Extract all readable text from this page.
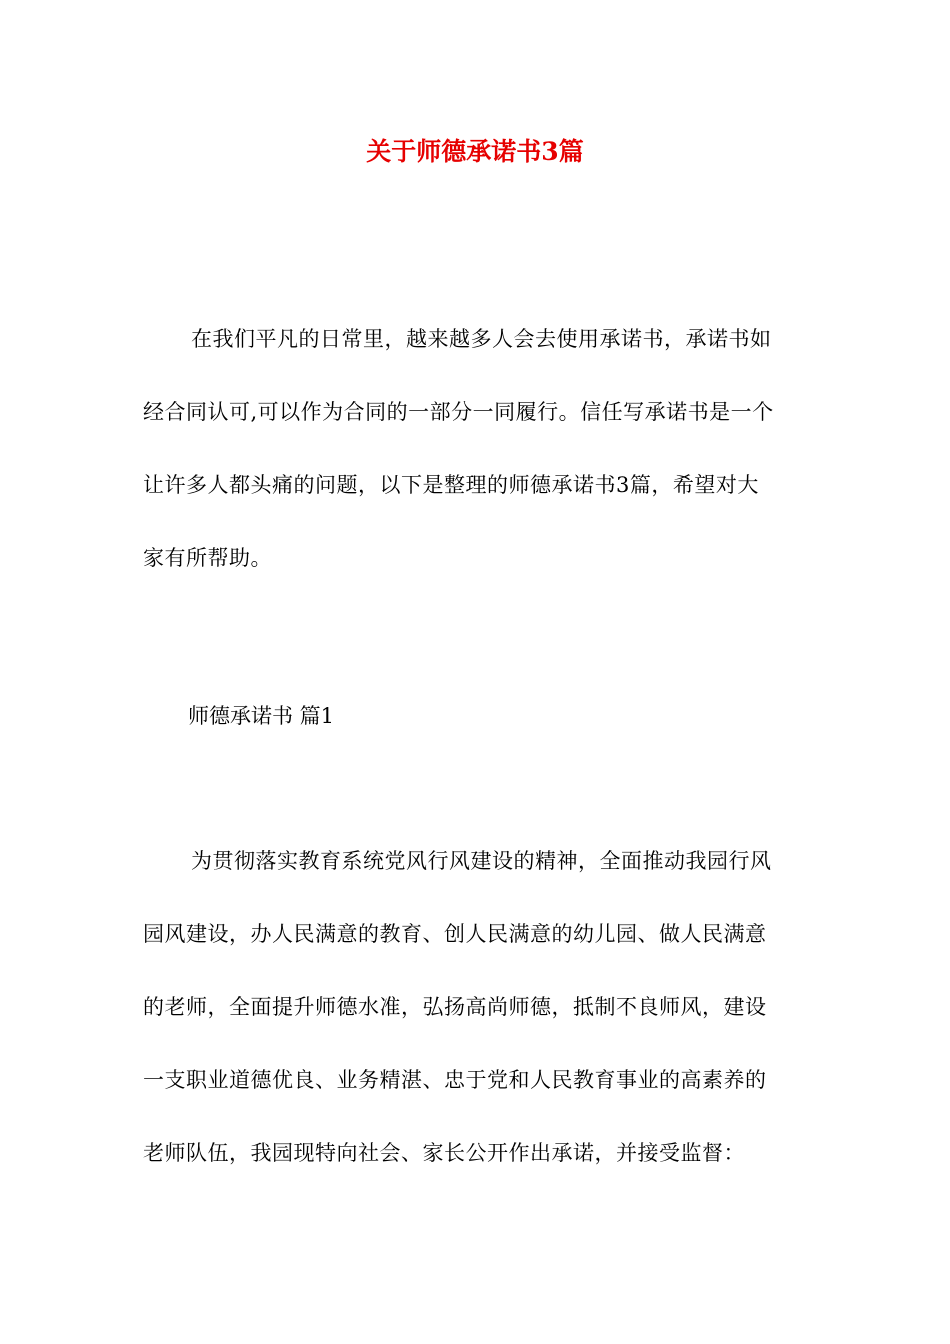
关于师德承诺书3篇
在我们平凡的日常里，越来越多人会去使用承诺书，承诺书如
经合同认可,可以作为合同的一部分一同履行。信任写承诺书是一个
让许多人都头痛的问题，以下是整理的师德承诺书3篇，希望对大
家有所帮助。

师德承诺书 篇1

为贯彻落实教育系统党风行风建设的精神，全面推动我园行风
园风建设，办人民满意的教育、创人民满意的幼儿园、做人民满意
的老师，全面提升师德水准，弘扬高尚师德，抵制不良师风，建设
一支职业道德优良、业务精湛、忠于党和人民教育事业的高素养的
老师队伍，我园现特向社会、家长公开作出承诺，并接受监督：
